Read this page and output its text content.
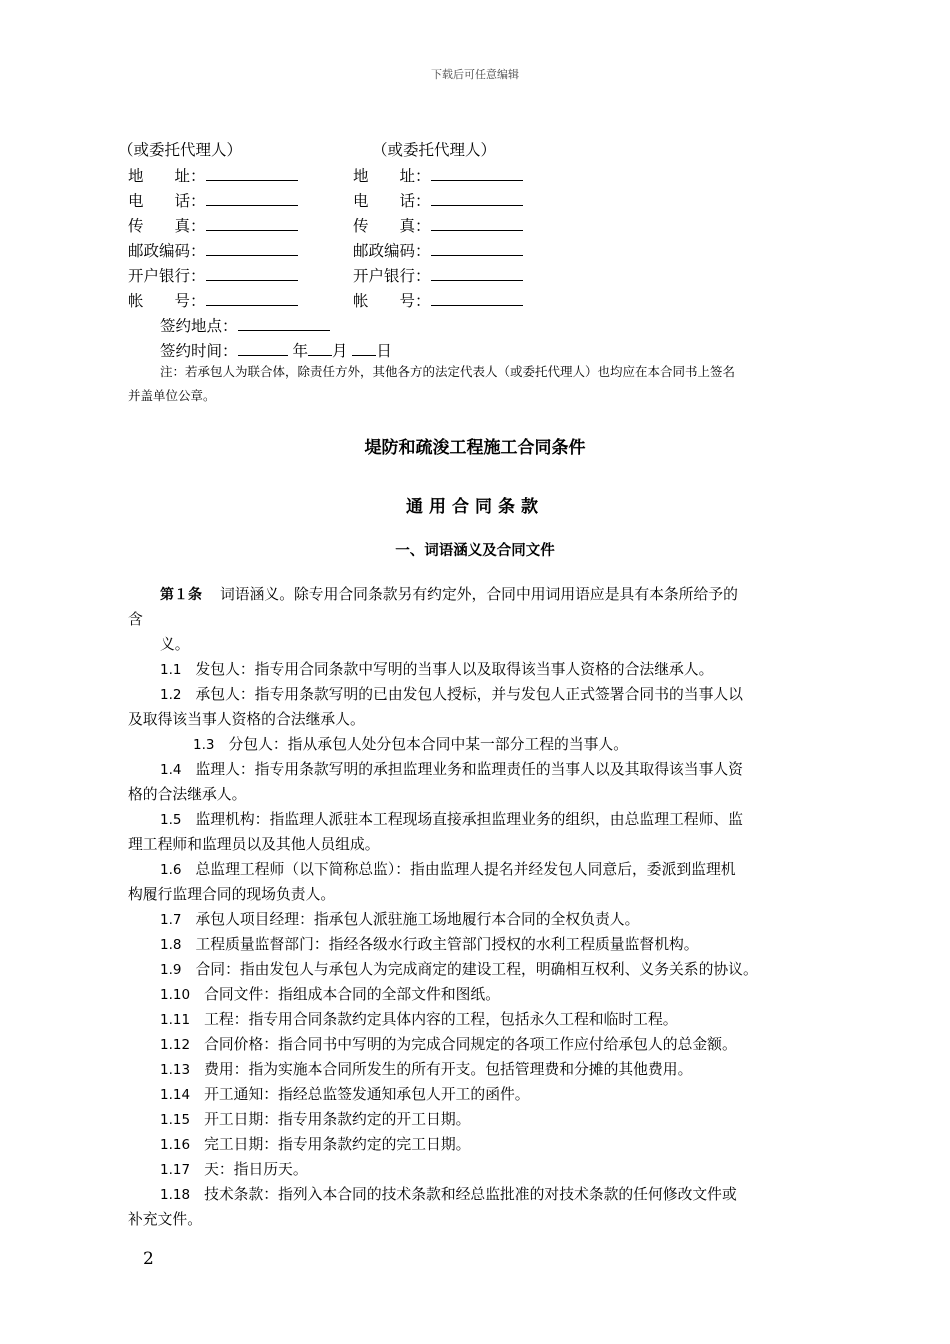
下载后可任意编辑
（或委托代理人）	（或委托代理人）
地　　址：	地　　址：
电　　话：	电　　话：
传　　真：	传　　真：
邮政编码：	邮政编码：
开户银行：	开户银行：
帐　　号：	帐　　号：
签约地点：
签约时间：	年 月 日
注：若承包人为联合体，除责任方外，其他各方的法定代表人（或委托代理人）也均应在本合同书上签名
并盖单位公章。
堤防和疏浚工程施工合同条件
通用合同条款
一、词语涵义及合同文件
第１条 词语涵义。除专用合同条款另有约定外，合同中用词用语应是具有本条所给予的
含
义。
1.1 发包人：指专用合同条款中写明的当事人以及取得该当事人资格的合法继承人。
1.2 承包人：指专用条款写明的已由发包人授标，并与发包人正式签署合同书的当事人以
及取得该当事人资格的合法继承人。
1.3 分包人：指从承包人处分包本合同中某一部分工程的当事人。
1.4 监理人：指专用条款写明的承担监理业务和监理责任的当事人以及其取得该当事人资
格的合法继承人。
1.5 监理机构：指监理人派驻本工程现场直接承担监理业务的组织，由总监理工程师、监
理工程师和监理员以及其他人员组成。
1.6 总监理工程师（以下简称总监）：指由监理人提名并经发包人同意后，委派到监理机
构履行监理合同的现场负责人。
1.7 承包人项目经理：指承包人派驻施工场地履行本合同的全权负责人。
1.8 工程质量监督部门：指经各级水行政主管部门授权的水利工程质量监督机构。
1.9 合同：指由发包人与承包人为完成商定的建设工程，明确相互权利、义务关系的协议。
1.10 合同文件：指组成本合同的全部文件和图纸。
1.11 工程：指专用合同条款约定具体内容的工程，包括永久工程和临时工程。
1.12 合同价格：指合同书中写明的为完成合同规定的各项工作应付给承包人的总金额。
1.13 费用：指为实施本合同所发生的所有开支。包括管理费和分摊的其他费用。
1.14 开工通知：指经总监签发通知承包人开工的函件。
1.15 开工日期：指专用条款约定的开工日期。
1.16 完工日期：指专用条款约定的完工日期。
1.17 天：指日历天。
1.18 技术条款：指列入本合同的技术条款和经总监批准的对技术条款的任何修改文件或
补充文件。
2
